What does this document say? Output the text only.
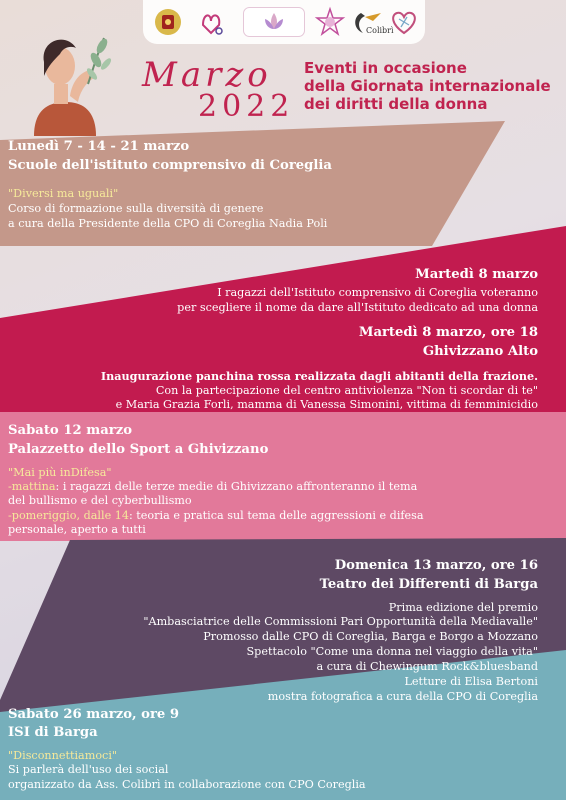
Colibrì
Marzo
2022
Eventi in occasione
della Giornata internazionale
dei diritti della donna
Lunedì 7 - 14 - 21 marzo
Scuole dell'istituto comprensivo di Coreglia
"Diversi ma uguali"
Corso di formazione sulla diversità di genere
a cura della Presidente della CPO di Coreglia Nadia Poli
Martedì 8 marzo
I ragazzi dell'Istituto comprensivo di Coreglia voteranno
per scegliere il nome da dare all'Istituto dedicato ad una donna
Martedì 8 marzo, ore 18
Ghivizzano Alto
Inaugurazione panchina rossa realizzata dagli abitanti della frazione.
Con la partecipazione del centro antiviolenza "Non ti scordar di te"
e Maria Grazia Forli, mamma di Vanessa Simonini, vittima di femminicidio
Sabato 12 marzo
Palazzetto dello Sport a Ghivizzano
"Mai più inDifesa"
-mattina: i ragazzi delle terze medie di Ghivizzano affronteranno il tema
del bullismo e del cyberbullismo
-pomeriggio, dalle 14: teoria e pratica sul tema delle aggressioni e difesa
personale, aperto a tutti
Domenica 13 marzo, ore 16
Teatro dei Differenti di Barga
Prima edizione del premio
"Ambasciatrice delle Commissioni Pari Opportunità della Mediavalle"
Promosso dalle CPO di Coreglia, Barga e Borgo a Mozzano
Spettacolo "Come una donna nel viaggio della vita"
a cura di Chewingum Rock&bluesband
Letture di Elisa Bertoni
mostra fotografica a cura della CPO di Coreglia
Sabato 26 marzo, ore 9
ISI di Barga
"Disconnettiamoci"
Si parlerà dell'uso dei social
organizzato da Ass. Colibrì in collaborazione con CPO Coreglia
